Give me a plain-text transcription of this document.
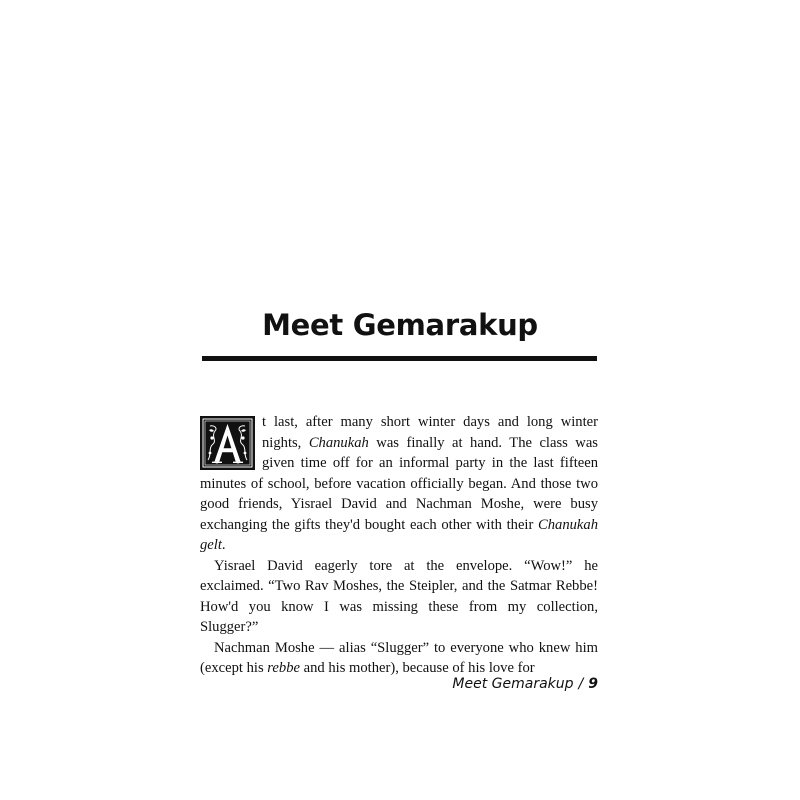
Meet Gemarakup

t last, after many short winter days and long winter nights, Chanukah was finally at hand. The class was given time off for an informal party in the last fifteen minutes of school, before vacation officially began. And those two good friends, Yisrael David and Nachman Moshe, were busy exchanging the gifts they'd bought each other with their Chanukah gelt.

Yisrael David eagerly tore at the envelope. “Wow!” he exclaimed. “Two Rav Moshes, the Steipler, and the Satmar Rebbe! How'd you know I was missing these from my collection, Slugger?”

Nachman Moshe — alias “Slugger” to everyone who knew him (except his rebbe and his mother), because of his love for

Meet Gemarakup / 9
